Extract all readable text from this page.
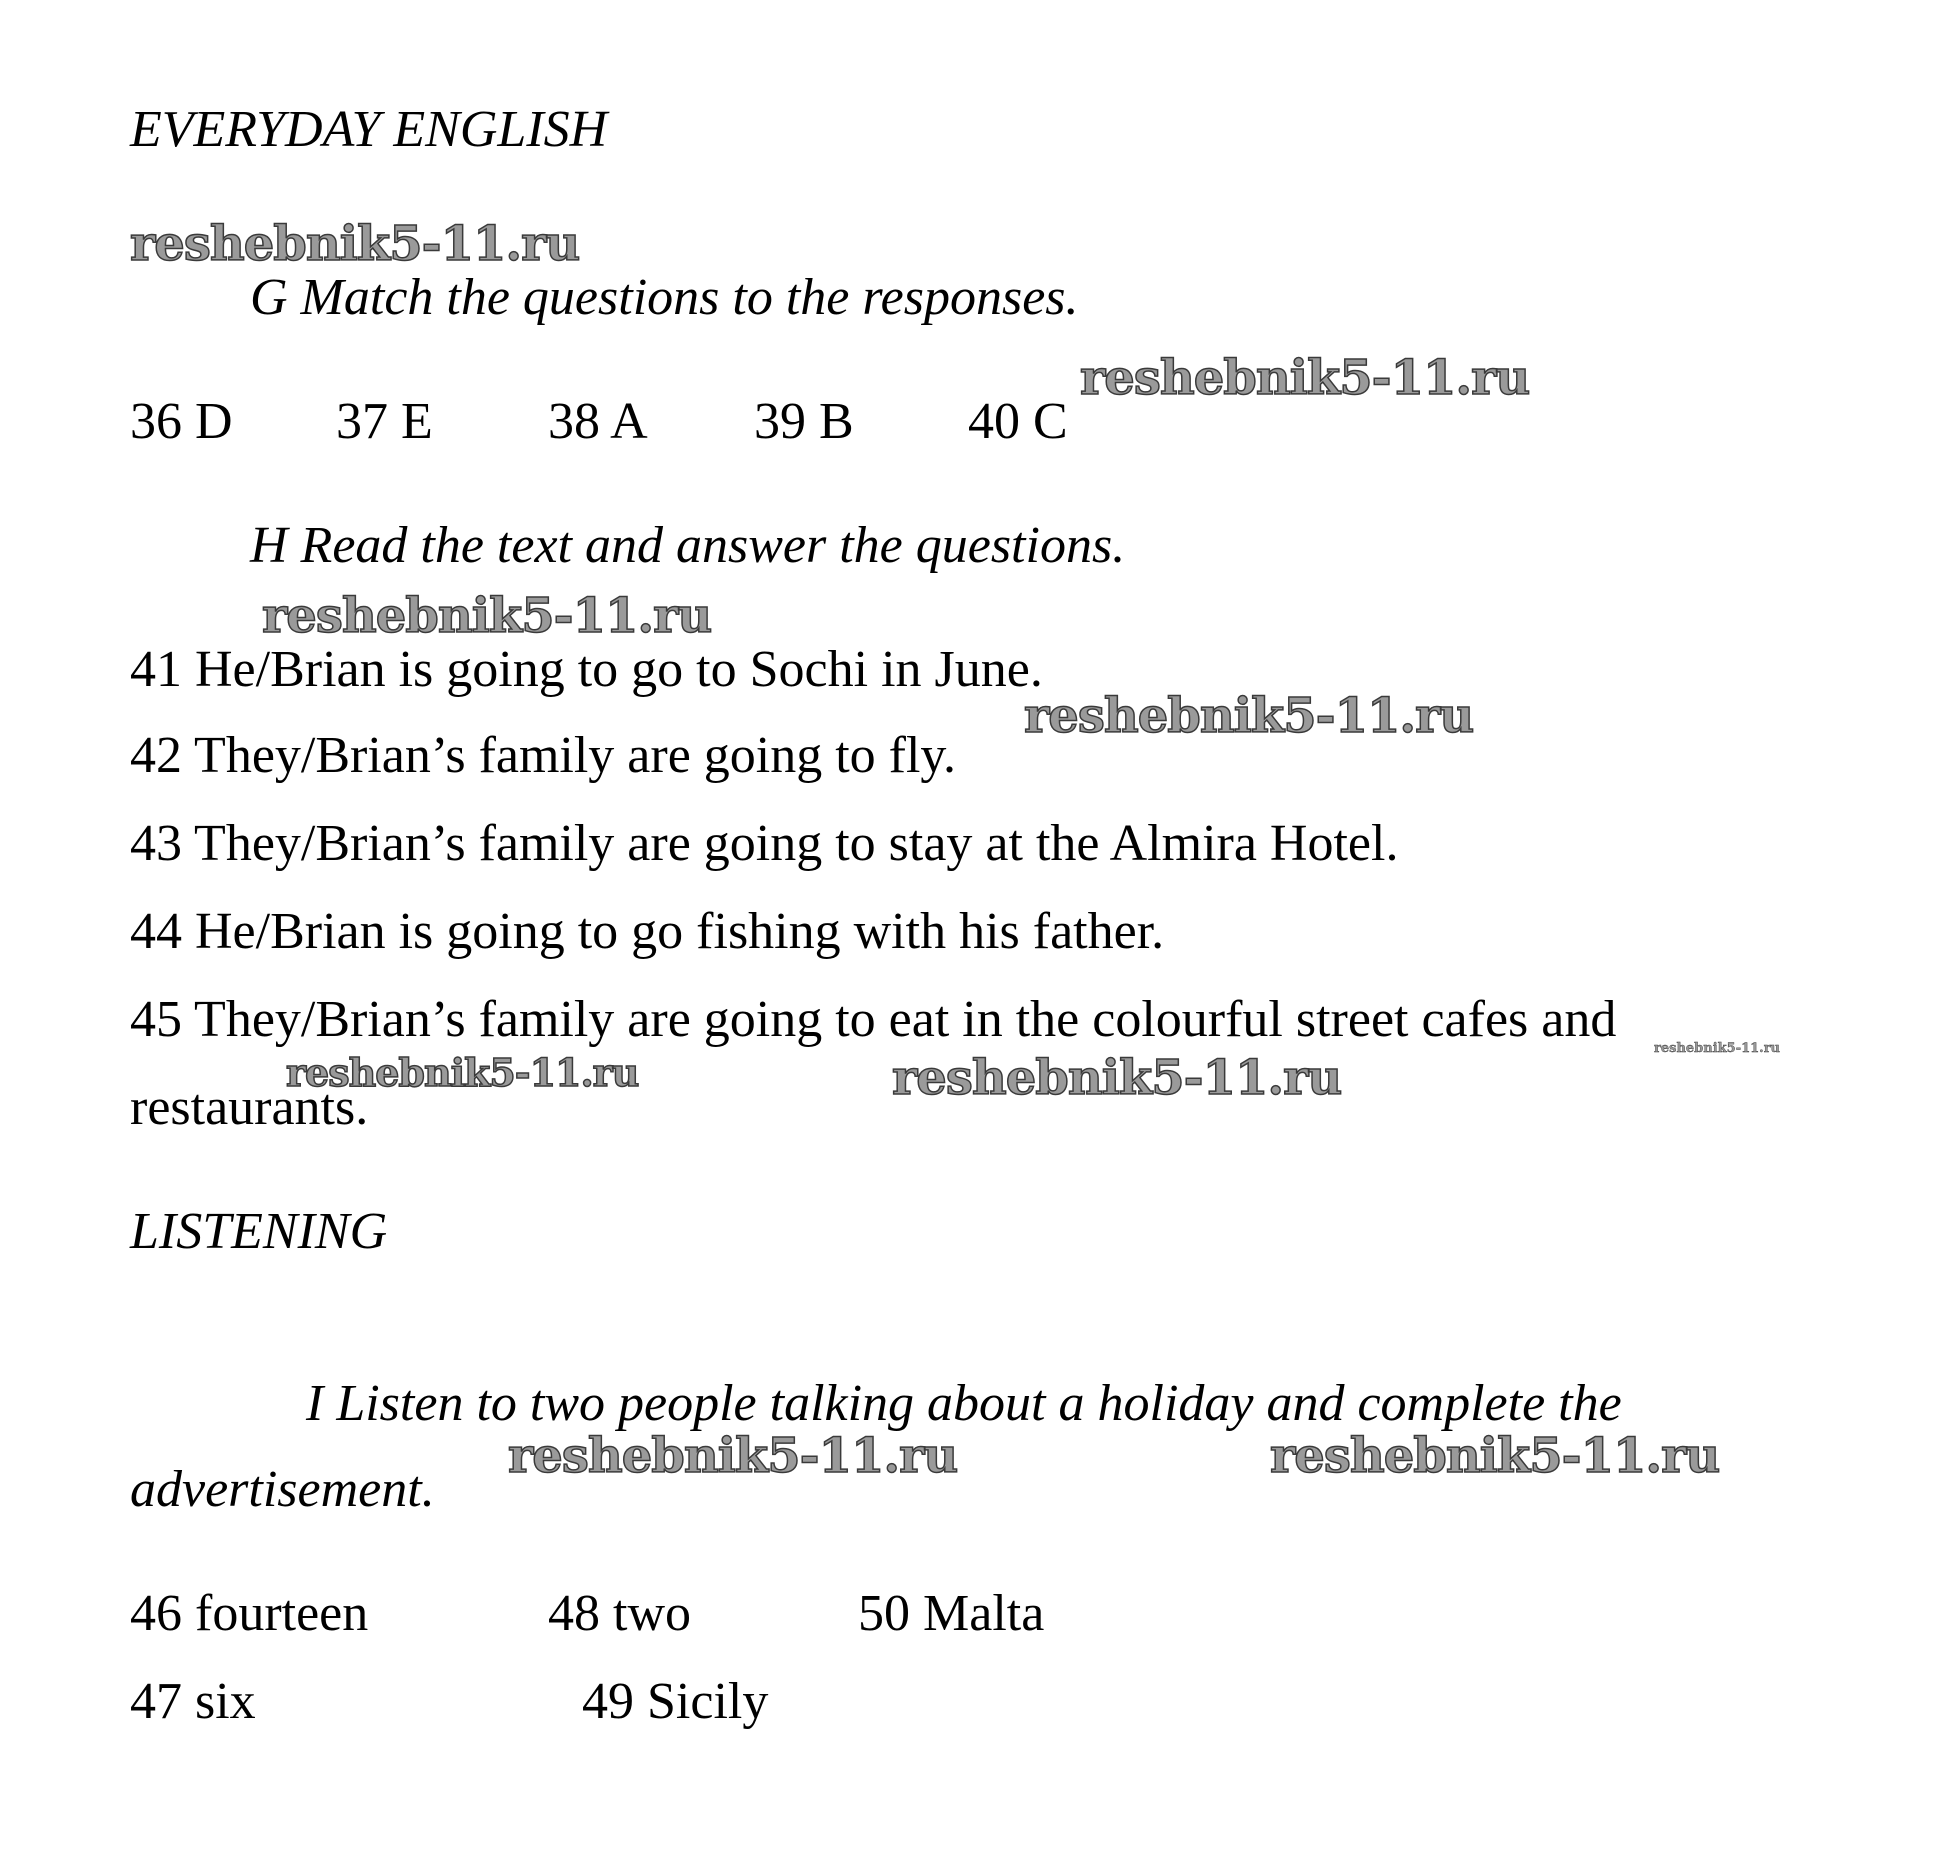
EVERYDAY ENGLISH
reshebnik5-11.ru
G Match the questions to the responses.
reshebnik5-11.ru
36 D 37 E 38 A 39 B 40 C
H Read the text and answer the questions.
reshebnik5-11.ru
41 He/Brian is going to go to Sochi in June.
reshebnik5-11.ru
42 They/Brian’s family are going to fly.
43 They/Brian’s family are going to stay at the Almira Hotel.
44 He/Brian is going to go fishing with his father.
45 They/Brian’s family are going to eat in the colourful street cafes and
reshebnik5-11.ru
reshebnik5-11.ru
reshebnik5-11.ru
restaurants.
LISTENING
I Listen to two people talking about a holiday and complete the
reshebnik5-11.ru	reshebnik5-11.ru
advertisement.
46 fourteen	48 two	50 Malta
47 six	49 Sicily
